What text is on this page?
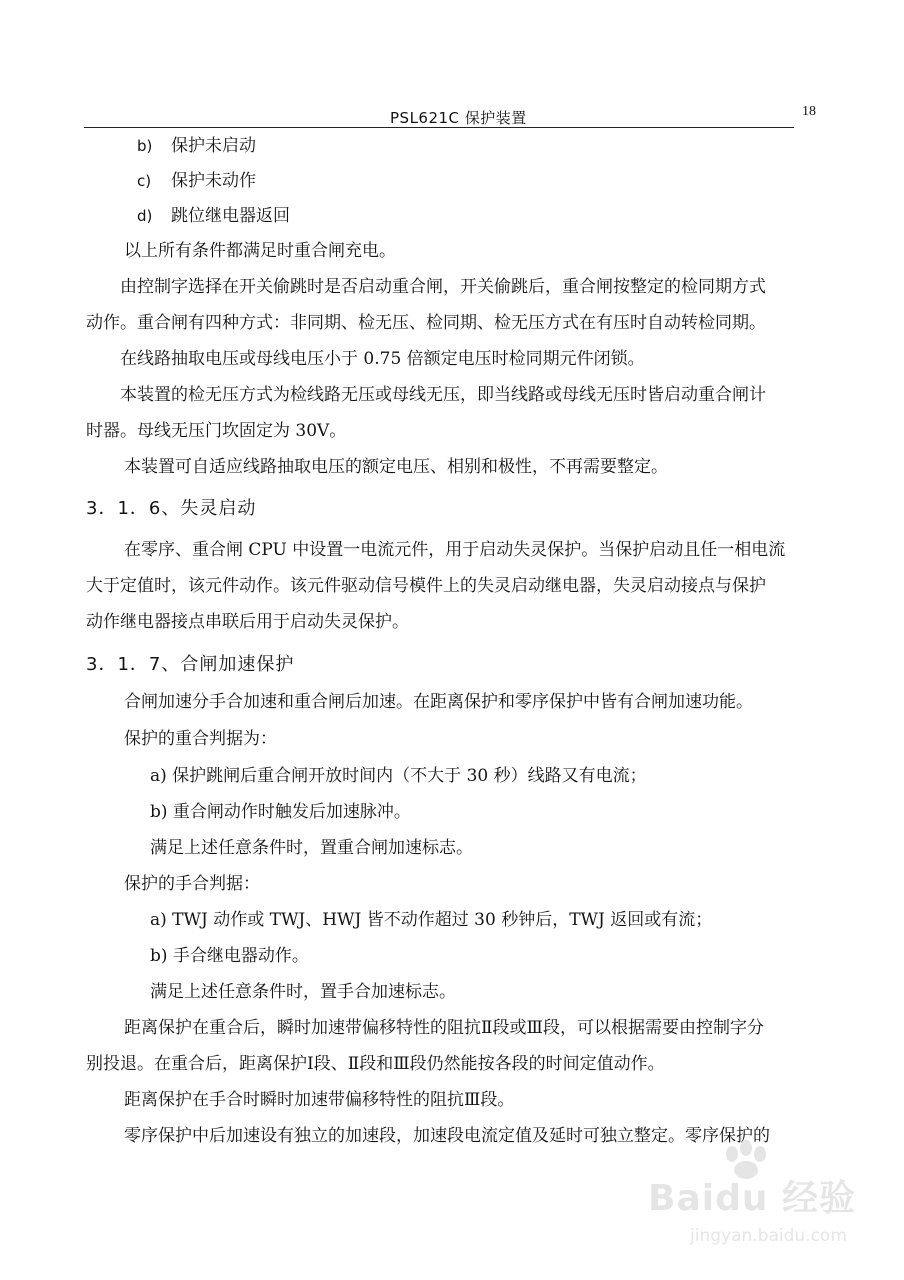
PSL621C 保护装置	18
b) 保护未启动
c) 保护未动作
d) 跳位继电器返回
以上所有条件都满足时重合闸充电。
由控制字选择在开关偷跳时是否启动重合闸，开关偷跳后，重合闸按整定的检同期方式
动作。重合闸有四种方式：非同期、检无压、检同期、检无压方式在有压时自动转检同期。
在线路抽取电压或母线电压小于 0.75 倍额定电压时检同期元件闭锁。
本装置的检无压方式为检线路无压或母线无压，即当线路或母线无压时皆启动重合闸计
时器。母线无压门坎固定为 30V。
本装置可自适应线路抽取电压的额定电压、相别和极性，不再需要整定。
3．1．6、失灵启动
在零序、重合闸 CPU 中设置一电流元件，用于启动失灵保护。当保护启动且任一相电流
大于定值时，该元件动作。该元件驱动信号模件上的失灵启动继电器，失灵启动接点与保护
动作继电器接点串联后用于启动失灵保护。
3．1．7、合闸加速保护
合闸加速分手合加速和重合闸后加速。在距离保护和零序保护中皆有合闸加速功能。
保护的重合判据为：
a) 保护跳闸后重合闸开放时间内（不大于 30 秒）线路又有电流；
b) 重合闸动作时触发后加速脉冲。
满足上述任意条件时，置重合闸加速标志。
保护的手合判据：
a) TWJ 动作或 TWJ、HWJ 皆不动作超过 30 秒钟后，TWJ 返回或有流；
b) 手合继电器动作。
满足上述任意条件时，置手合加速标志。
距离保护在重合后，瞬时加速带偏移特性的阻抗Ⅱ段或Ⅲ段，可以根据需要由控制字分
别投退。在重合后，距离保护Ⅰ段、Ⅱ段和Ⅲ段仍然能按各段的时间定值动作。
距离保护在手合时瞬时加速带偏移特性的阻抗Ⅲ段。
零序保护中后加速设有独立的加速段，加速段电流定值及延时可独立整定。零序保护的
Baidu 经验
jingyan.baidu.com
